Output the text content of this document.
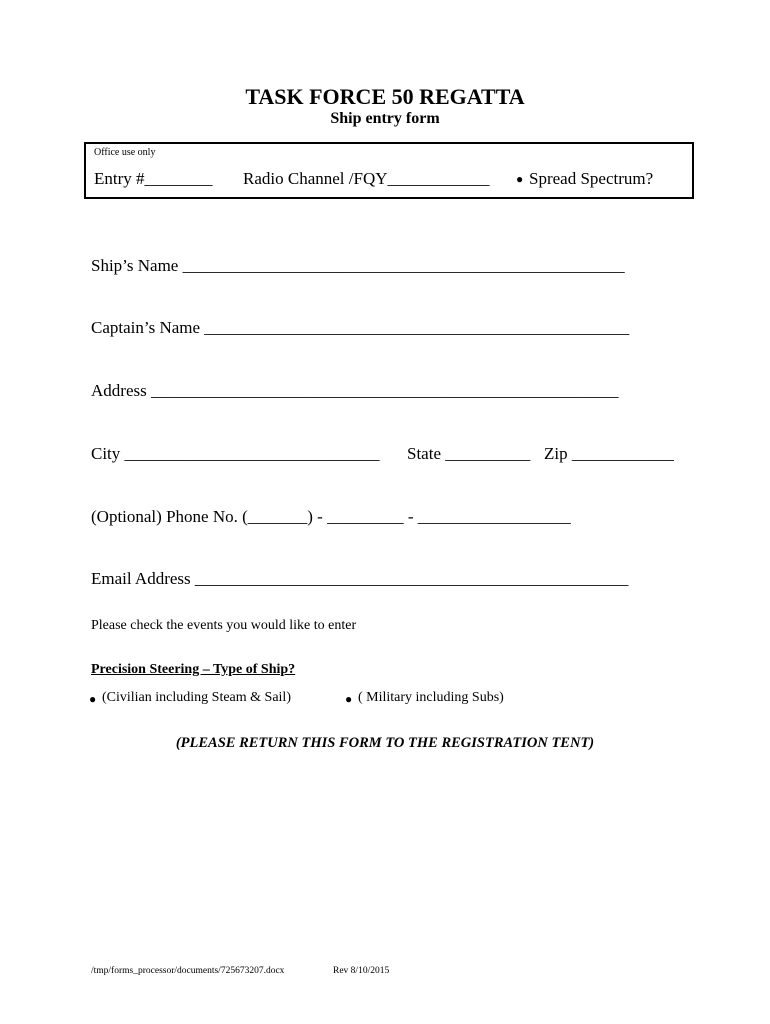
TASK FORCE 50 REGATTA
Ship entry form
Office use only
Entry #________ Radio Channel /FQY____________ ● Spread Spectrum?
Ship’s Name ____________________________________________________
Captain’s Name __________________________________________________
Address _______________________________________________________
City ______________________________ State __________ Zip ____________
(Optional) Phone No. (_______) - _________ - __________________
Email Address ___________________________________________________
Please check the events you would like to enter
Precision Steering – Type of Ship?
● (Civilian including Steam & Sail)	● ( Military including Subs)
(PLEASE RETURN THIS FORM TO THE REGISTRATION TENT)
/tmp/forms_processor/documents/725673207.docx	Rev 8/10/2015
